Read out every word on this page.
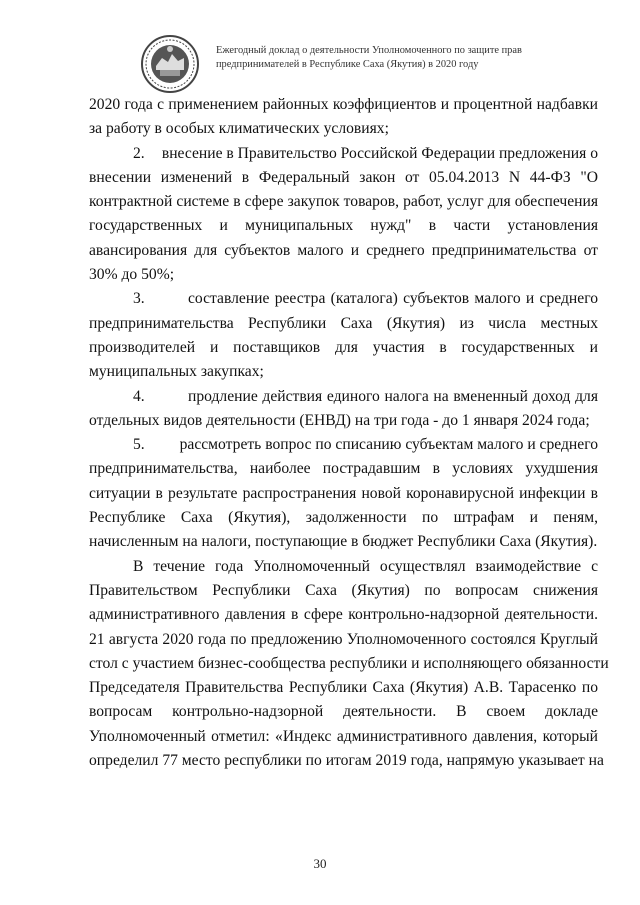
Ежегодный доклад о деятельности Уполномоченного по защите прав
предпринимателей в Республике Саха (Якутия) в 2020 году
2020 года с применением районных коэффициентов и процентной надбавки
за работу в особых климатических условиях;
2.	внесение в Правительство Российской Федерации предложения о
внесении изменений в Федеральный закон от 05.04.2013 N 44-ФЗ "О
контрактной системе в сфере закупок товаров, работ, услуг для обеспечения
государственных и муниципальных нужд" в части установления
авансирования для субъектов малого и среднего предпринимательства от
30% до 50%;
3.	составление реестра (каталога) субъектов малого и среднего
предпринимательства Республики Саха (Якутия) из числа местных
производителей и поставщиков для участия в государственных и
муниципальных закупках;
4.	продление действия единого налога на вмененный доход для
отдельных видов деятельности (ЕНВД) на три года - до 1 января 2024 года;
5.	рассмотреть вопрос по списанию субъектам малого и среднего
предпринимательства, наиболее пострадавшим в условиях ухудшения
ситуации в результате распространения новой коронавирусной инфекции в
Республике Саха (Якутия), задолженности по штрафам и пеням,
начисленным на налоги, поступающие в бюджет Республики Саха (Якутия).
В течение года Уполномоченный осуществлял взаимодействие с
Правительством Республики Саха (Якутия) по вопросам снижения
административного давления в сфере контрольно-надзорной деятельности.
21 августа 2020 года по предложению Уполномоченного состоялся Круглый
стол с участием бизнес-сообщества республики и исполняющего обязанности
Председателя Правительства Республики Саха (Якутия) А.В. Тарасенко по
вопросам контрольно-надзорной деятельности. В своем докладе
Уполномоченный отметил: «Индекс административного давления, который
определил 77 место республики по итогам 2019 года, напрямую указывает на
30
